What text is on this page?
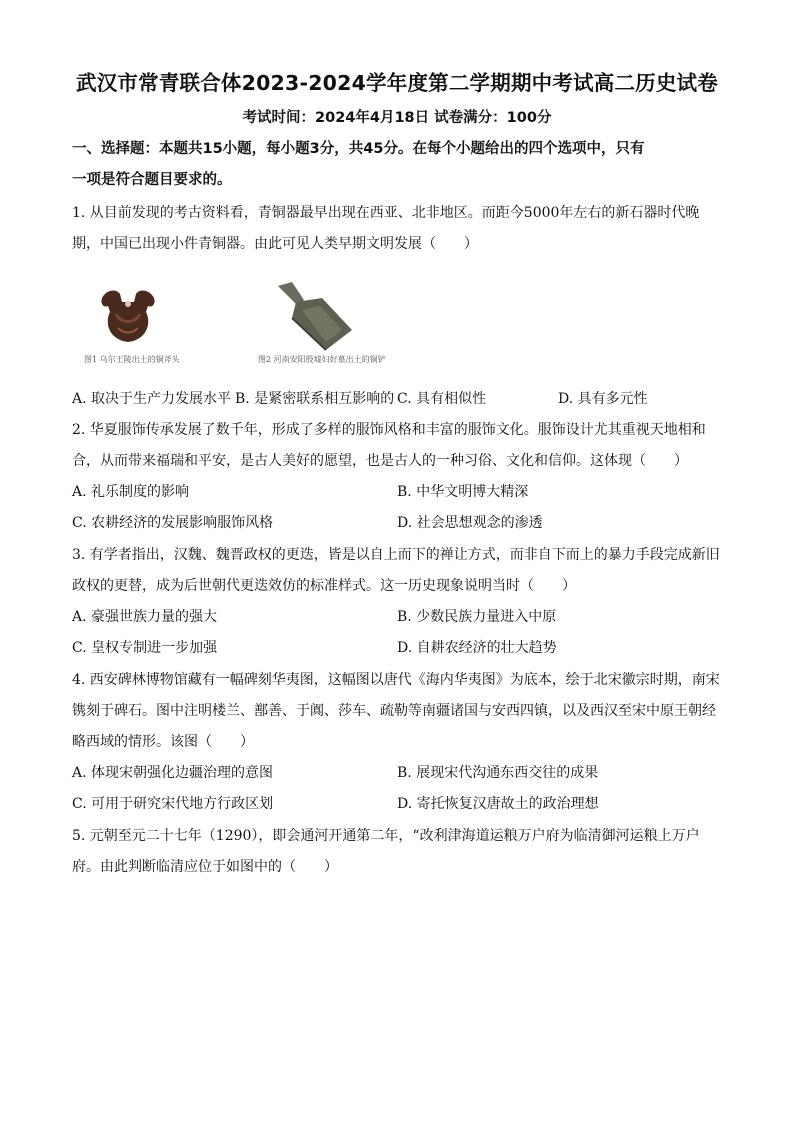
武汉市常青联合体2023-2024学年度第二学期期中考试高二历史试卷
考试时间：2024年4月18日 试卷满分：100分
一、选择题：本题共15小题，每小题3分，共45分。在每个小题给出的四个选项中，只有
一项是符合题目要求的。
1. 从目前发现的考古资料看，青铜器最早出现在西亚、北非地区。而距今5000年左右的新石器时代晚期，中国已出现小件青铜器。由此可见人类早期文明发展（　　）
图1 乌尔王陵出土的铜斧头	图2 河南安阳殷墟妇好墓出土的铜铲
A. 取决于生产力发展水平 B. 是紧密联系相互影响的 C. 具有相似性	D. 具有多元性
2. 华夏服饰传承发展了数千年，形成了多样的服饰风格和丰富的服饰文化。服饰设计尤其重视天地相和合，从而带来福瑞和平安，是古人美好的愿望，也是古人的一种习俗、文化和信仰。这体现（　　）
A. 礼乐制度的影响	B. 中华文明博大精深
C. 农耕经济的发展影响服饰风格	D. 社会思想观念的渗透
3. 有学者指出，汉魏、魏晋政权的更迭，皆是以自上而下的禅让方式，而非自下而上的暴力手段完成新旧政权的更替，成为后世朝代更迭效仿的标准样式。这一历史现象说明当时（　　）
A. 豪强世族力量的强大	B. 少数民族力量进入中原
C. 皇权专制进一步加强	D. 自耕农经济的壮大趋势
4. 西安碑林博物馆藏有一幅碑刻华夷图，这幅图以唐代《海内华夷图》为底本，绘于北宋徽宗时期，南宋镌刻于碑石。图中注明楼兰、鄯善、于阗、莎车、疏勒等南疆诸国与安西四镇，以及西汉至宋中原王朝经略西域的情形。该图（　　）
A. 体现宋朝强化边疆治理的意图	B. 展现宋代沟通东西交往的成果
C. 可用于研究宋代地方行政区划	D. 寄托恢复汉唐故土的政治理想
5. 元朝至元二十七年（1290），即会通河开通第二年，“改利津海道运粮万户府为临清御河运粮上万户府。由此判断临清应位于如图中的（　　）
